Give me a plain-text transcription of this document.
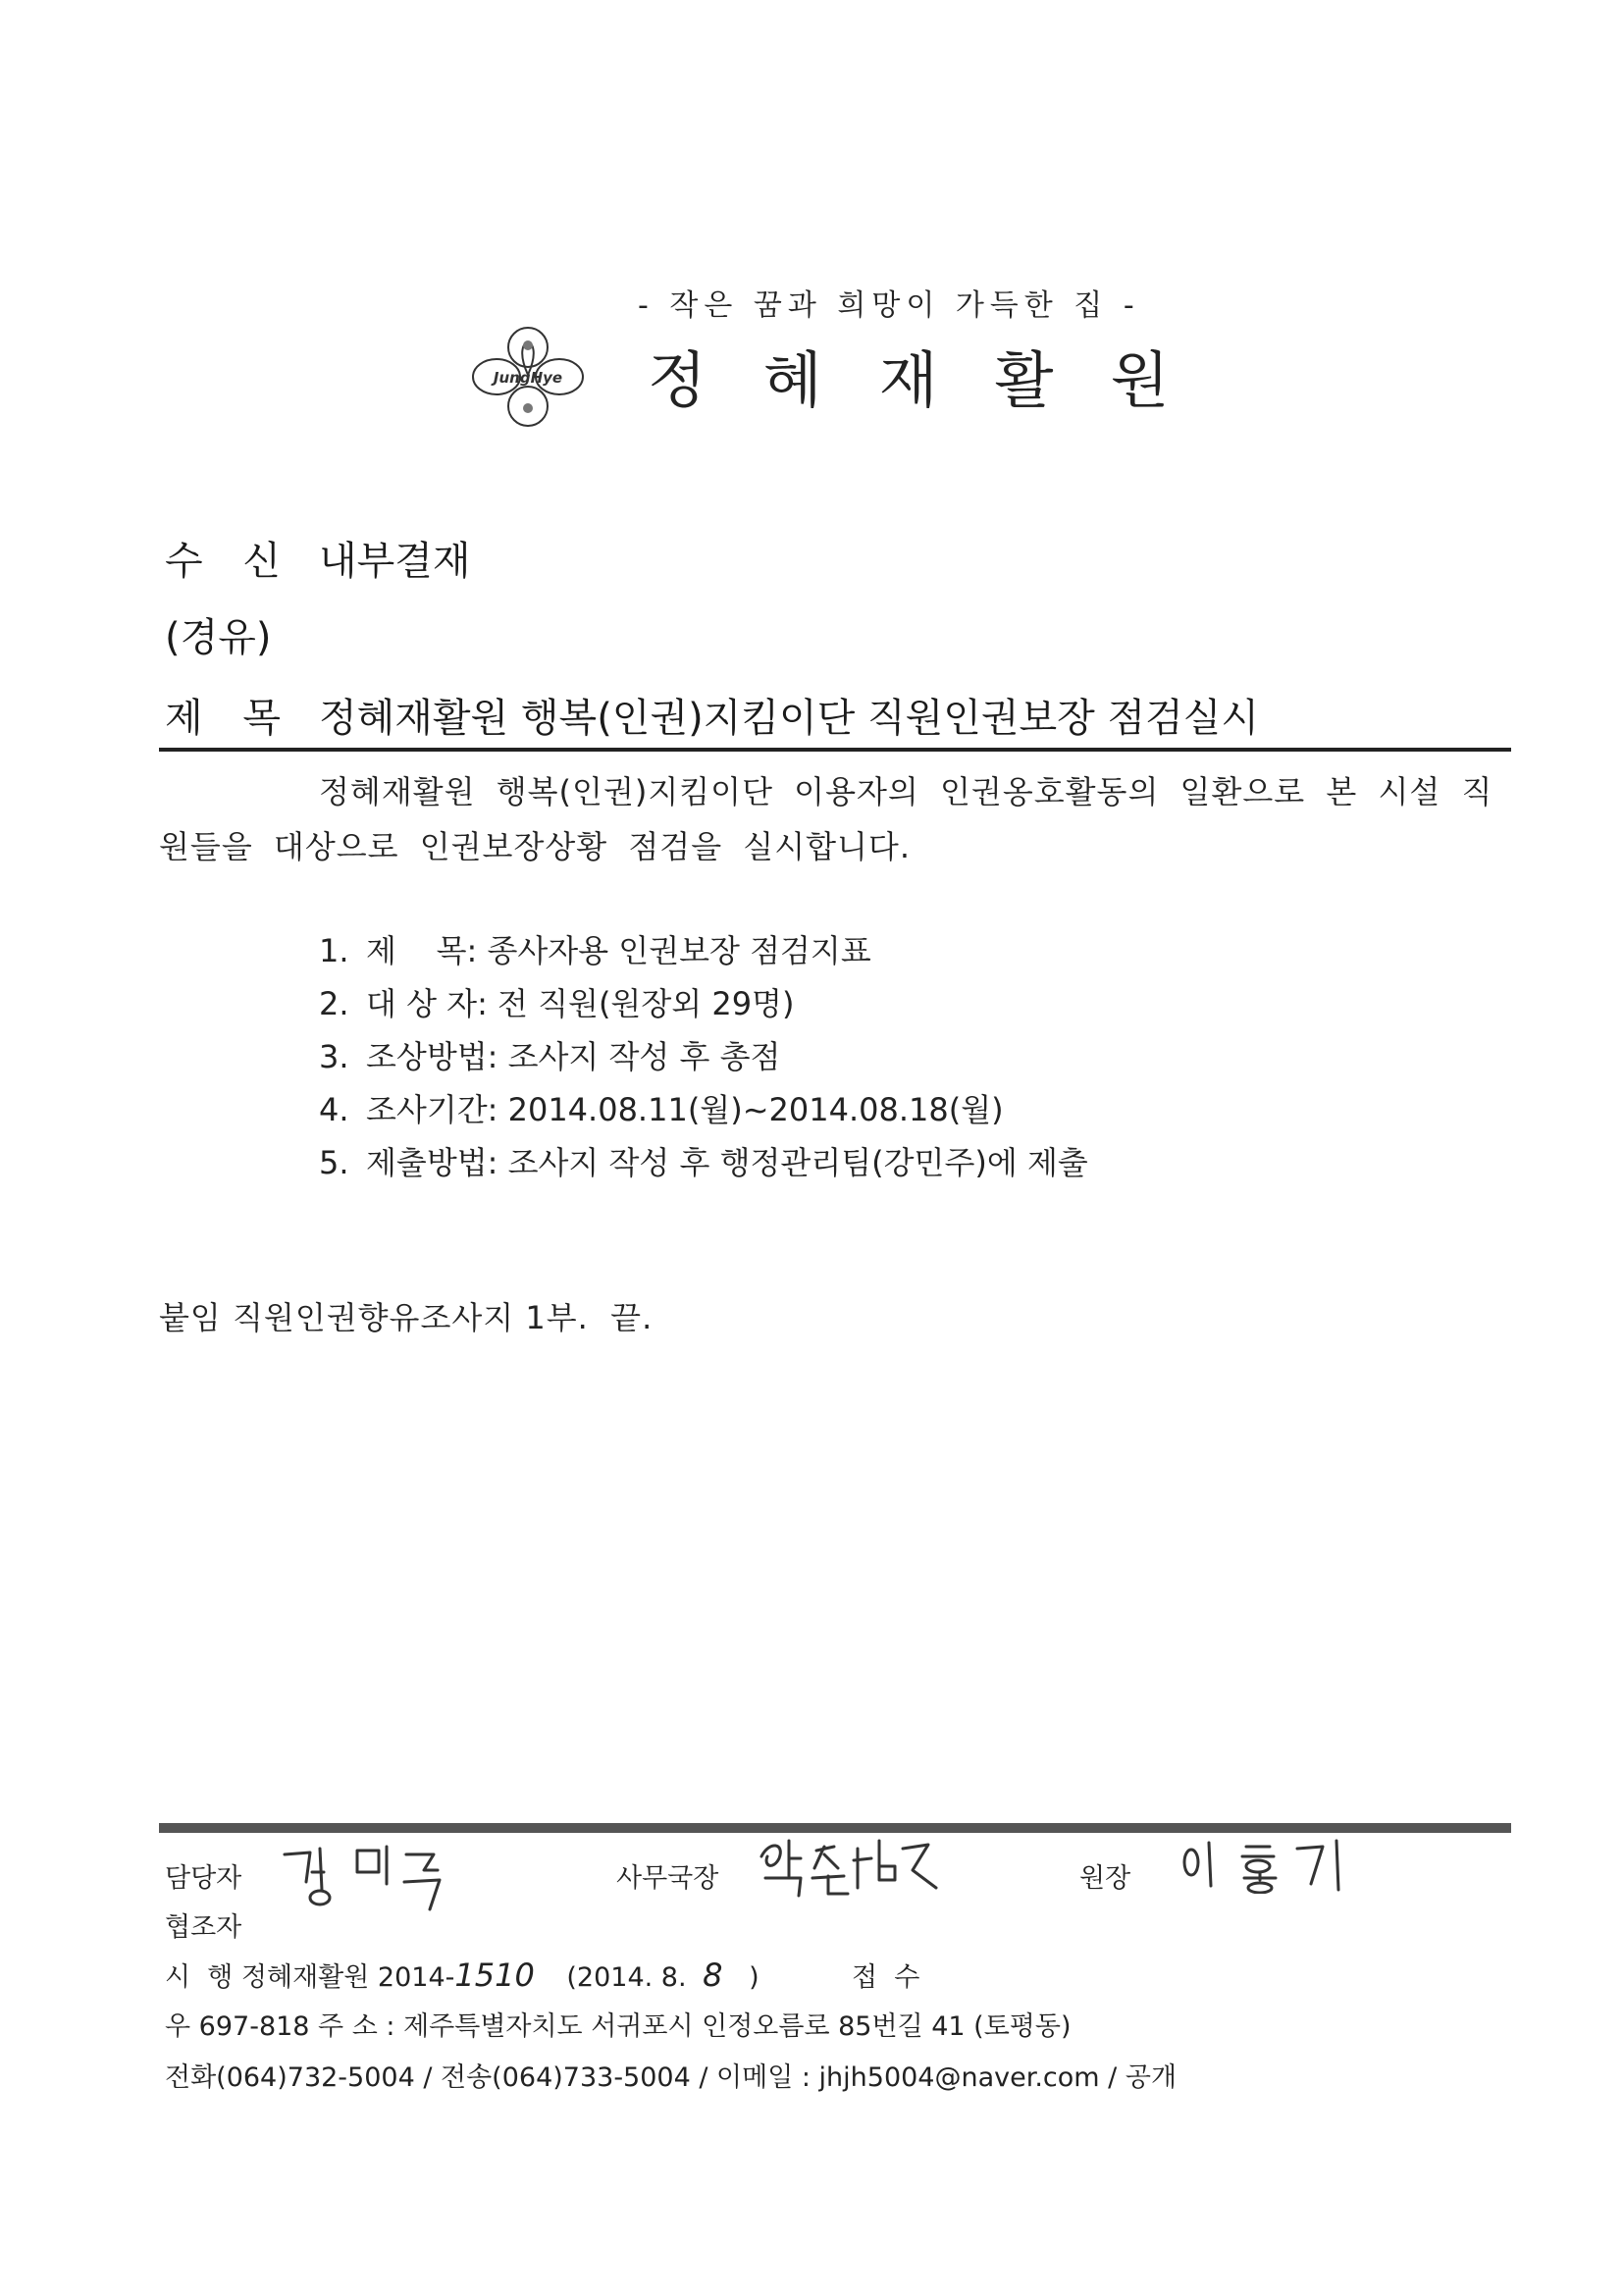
- 작은 꿈과 희망이 가득한 집 -
JungHye 정혜재활원
수 신 내부결재
(경유)
제 목 정혜재활원 행복(인권)지킴이단 직원인권보장 점검실시
정혜재활원 행복(인권)지킴이단 이용자의 인권옹호활동의 일환으로 본 시설 직
원들을 대상으로 인권보장상황 점검을 실시합니다.
1. 제    목: 종사자용 인권보장 점검지표
2. 대 상 자: 전 직원(원장외 29명)
3. 조상방법: 조사지 작성 후 총점
4. 조사기간: 2014.08.11(월)~2014.08.18(월)
5. 제출방법: 조사지 작성 후 행정관리팀(강민주)에 제출
붙임 직원인권향유조사지 1부.  끝.
담당자	사무국장	원장
협조자
시  행 정혜재활원 2014-1510 (2014. 8. 8 )	접  수
우 697-818 주 소 : 제주특별자치도 서귀포시 인정오름로 85번길 41 (토평동)
전화(064)732-5004 / 전송(064)733-5004 / 이메일 : jhjh5004@naver.com / 공개
